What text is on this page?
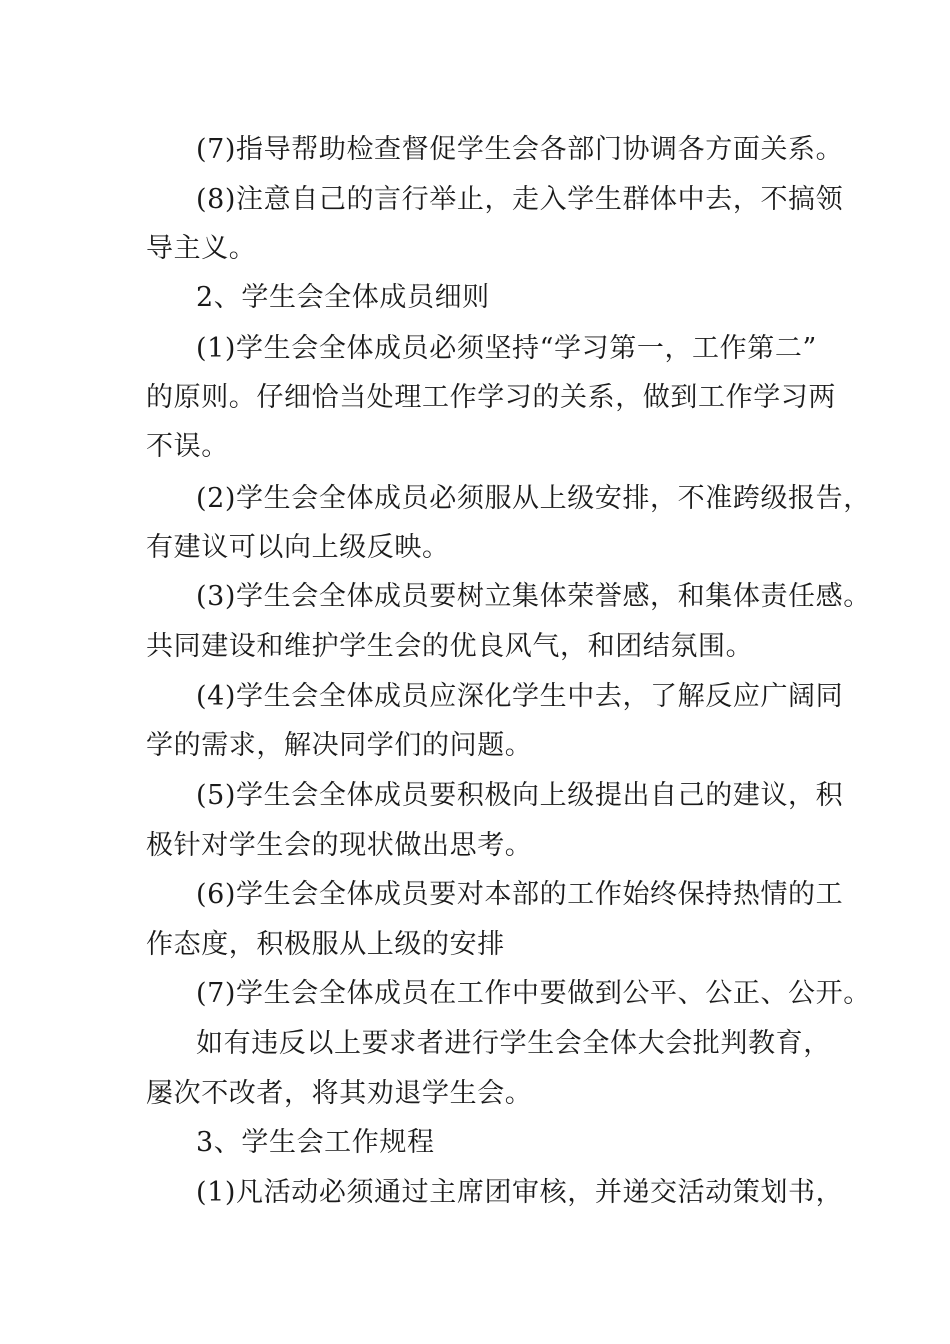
(7)指导帮助检查督促学生会各部门协调各方面关系。
(8)注意自己的言行举止，走入学生群体中去，不搞领
导主义。
2、学生会全体成员细则
(1)学生会全体成员必须坚持“学习第一，工作第二”
的原则。仔细恰当处理工作学习的关系，做到工作学习两
不误。
(2)学生会全体成员必须服从上级安排，不准跨级报告，
有建议可以向上级反映。
(3)学生会全体成员要树立集体荣誉感，和集体责任感。
共同建设和维护学生会的优良风气，和团结氛围。
(4)学生会全体成员应深化学生中去，了解反应广阔同
学的需求，解决同学们的问题。
(5)学生会全体成员要积极向上级提出自己的建议，积
极针对学生会的现状做出思考。
(6)学生会全体成员要对本部的工作始终保持热情的工
作态度，积极服从上级的安排
(7)学生会全体成员在工作中要做到公平、公正、公开。
如有违反以上要求者进行学生会全体大会批判教育，
屡次不改者，将其劝退学生会。
3、学生会工作规程
(1)凡活动必须通过主席团审核，并递交活动策划书，
